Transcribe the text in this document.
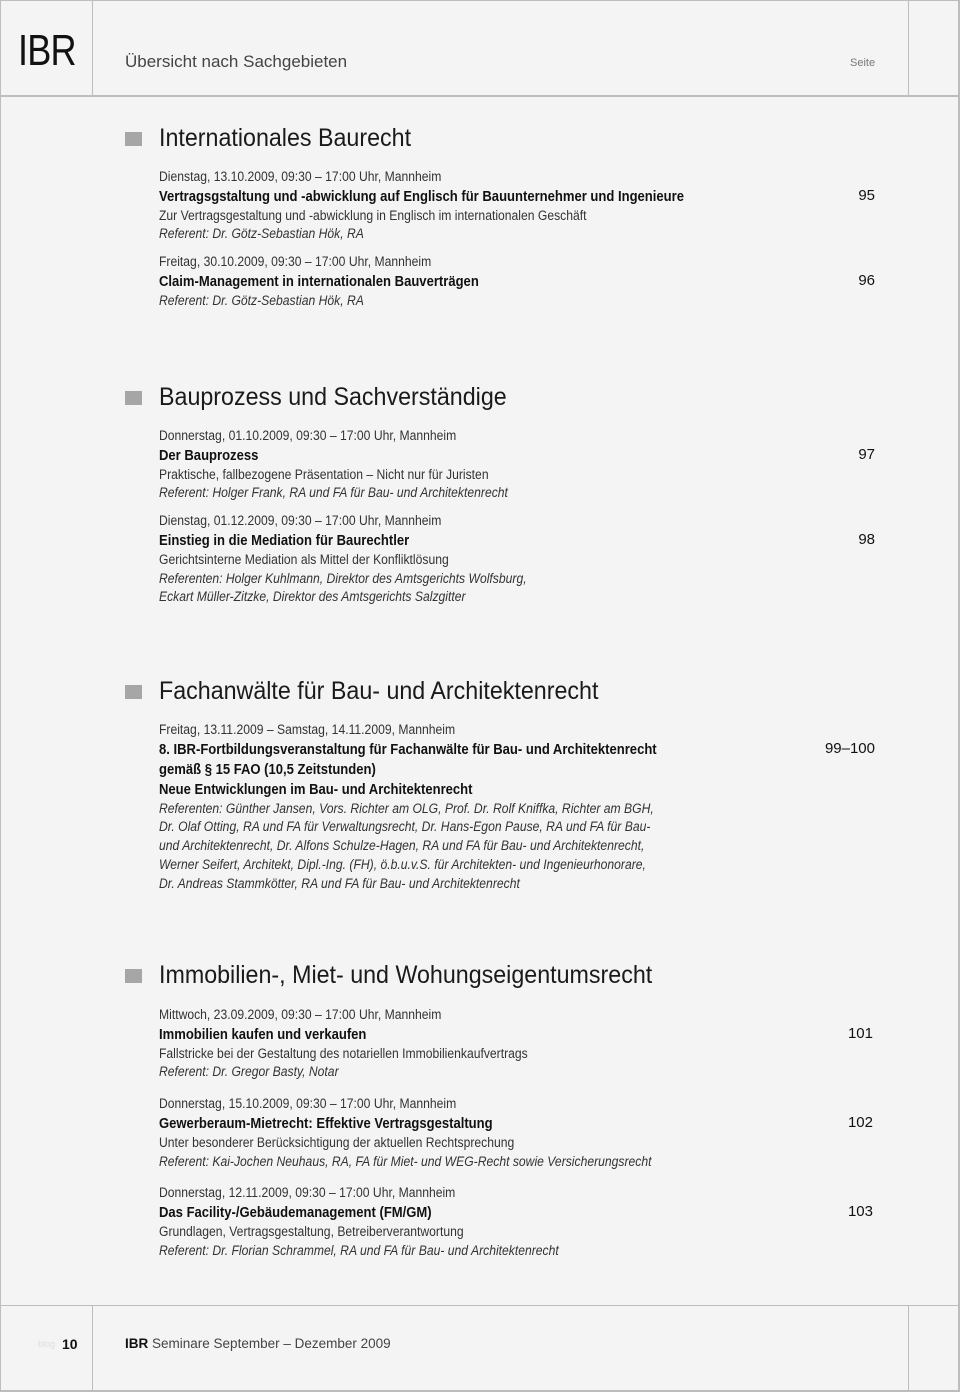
IBR	Übersicht nach Sachgebieten	Seite
Internationales Baurecht
Dienstag, 13.10.2009, 09:30 – 17:00 Uhr, Mannheim
Vertragsgstaltung und -abwicklung auf Englisch für Bauunternehmer und Ingenieure
Zur Vertragsgestaltung und -abwicklung in Englisch im internationalen Geschäft
Referent: Dr. Götz-Sebastian Hök, RA
95
Freitag, 30.10.2009, 09:30 – 17:00 Uhr, Mannheim
Claim-Management in internationalen Bauverträgen
Referent: Dr. Götz-Sebastian Hök, RA
96
Bauprozess und Sachverständige
Donnerstag, 01.10.2009, 09:30 – 17:00 Uhr, Mannheim
Der Bauprozess
Praktische, fallbezogene Präsentation – Nicht nur für Juristen
Referent: Holger Frank, RA und FA für Bau- und Architektenrecht
97
Dienstag, 01.12.2009, 09:30 – 17:00 Uhr, Mannheim
Einstieg in die Mediation für Baurechtler
Gerichtsinterne Mediation als Mittel der Konfliktlösung
Referenten: Holger Kuhlmann, Direktor des Amtsgerichts Wolfsburg,
Eckart Müller-Zitzke, Direktor des Amtsgerichts Salzgitter
98
Fachanwälte für Bau- und Architektenrecht
Freitag, 13.11.2009 – Samstag, 14.11.2009, Mannheim
8. IBR-Fortbildungsveranstaltung für Fachanwälte für Bau- und Architektenrecht
gemäß § 15 FAO (10,5 Zeitstunden)
Neue Entwicklungen im Bau- und Architektenrecht
Referenten: Günther Jansen, Vors. Richter am OLG, Prof. Dr. Rolf Kniffka, Richter am BGH,
Dr. Olaf Otting, RA und FA für Verwaltungsrecht, Dr. Hans-Egon Pause, RA und FA für Bau-
und Architektenrecht, Dr. Alfons Schulze-Hagen, RA und FA für Bau- und Architektenrecht,
Werner Seifert, Architekt, Dipl.-Ing. (FH), ö.b.u.v.S. für Architekten- und Ingenieurhonorare,
Dr. Andreas Stammkötter, RA und FA für Bau- und Architektenrecht
99–100
Immobilien-, Miet- und Wohungseigentumsrecht
Mittwoch, 23.09.2009, 09:30 – 17:00 Uhr, Mannheim
Immobilien kaufen und verkaufen
Fallstricke bei der Gestaltung des notariellen Immobilienkaufvertrags
Referent: Dr. Gregor Basty, Notar
101
Donnerstag, 15.10.2009, 09:30 – 17:00 Uhr, Mannheim
Gewerberaum-Mietrecht: Effektive Vertragsgestaltung
Unter besonderer Berücksichtigung der aktuellen Rechtsprechung
Referent: Kai-Jochen Neuhaus, RA, FA für Miet- und WEG-Recht sowie Versicherungsrecht
102
Donnerstag, 12.11.2009, 09:30 – 17:00 Uhr, Mannheim
Das Facility-/Gebäudemanagement (FM/GM)
Grundlagen, Vertragsgestaltung, Betreiberverantwortung
Referent: Dr. Florian Schrammel, RA und FA für Bau- und Architektenrecht
103
blog 10	IBR Seminare September – Dezember 2009
